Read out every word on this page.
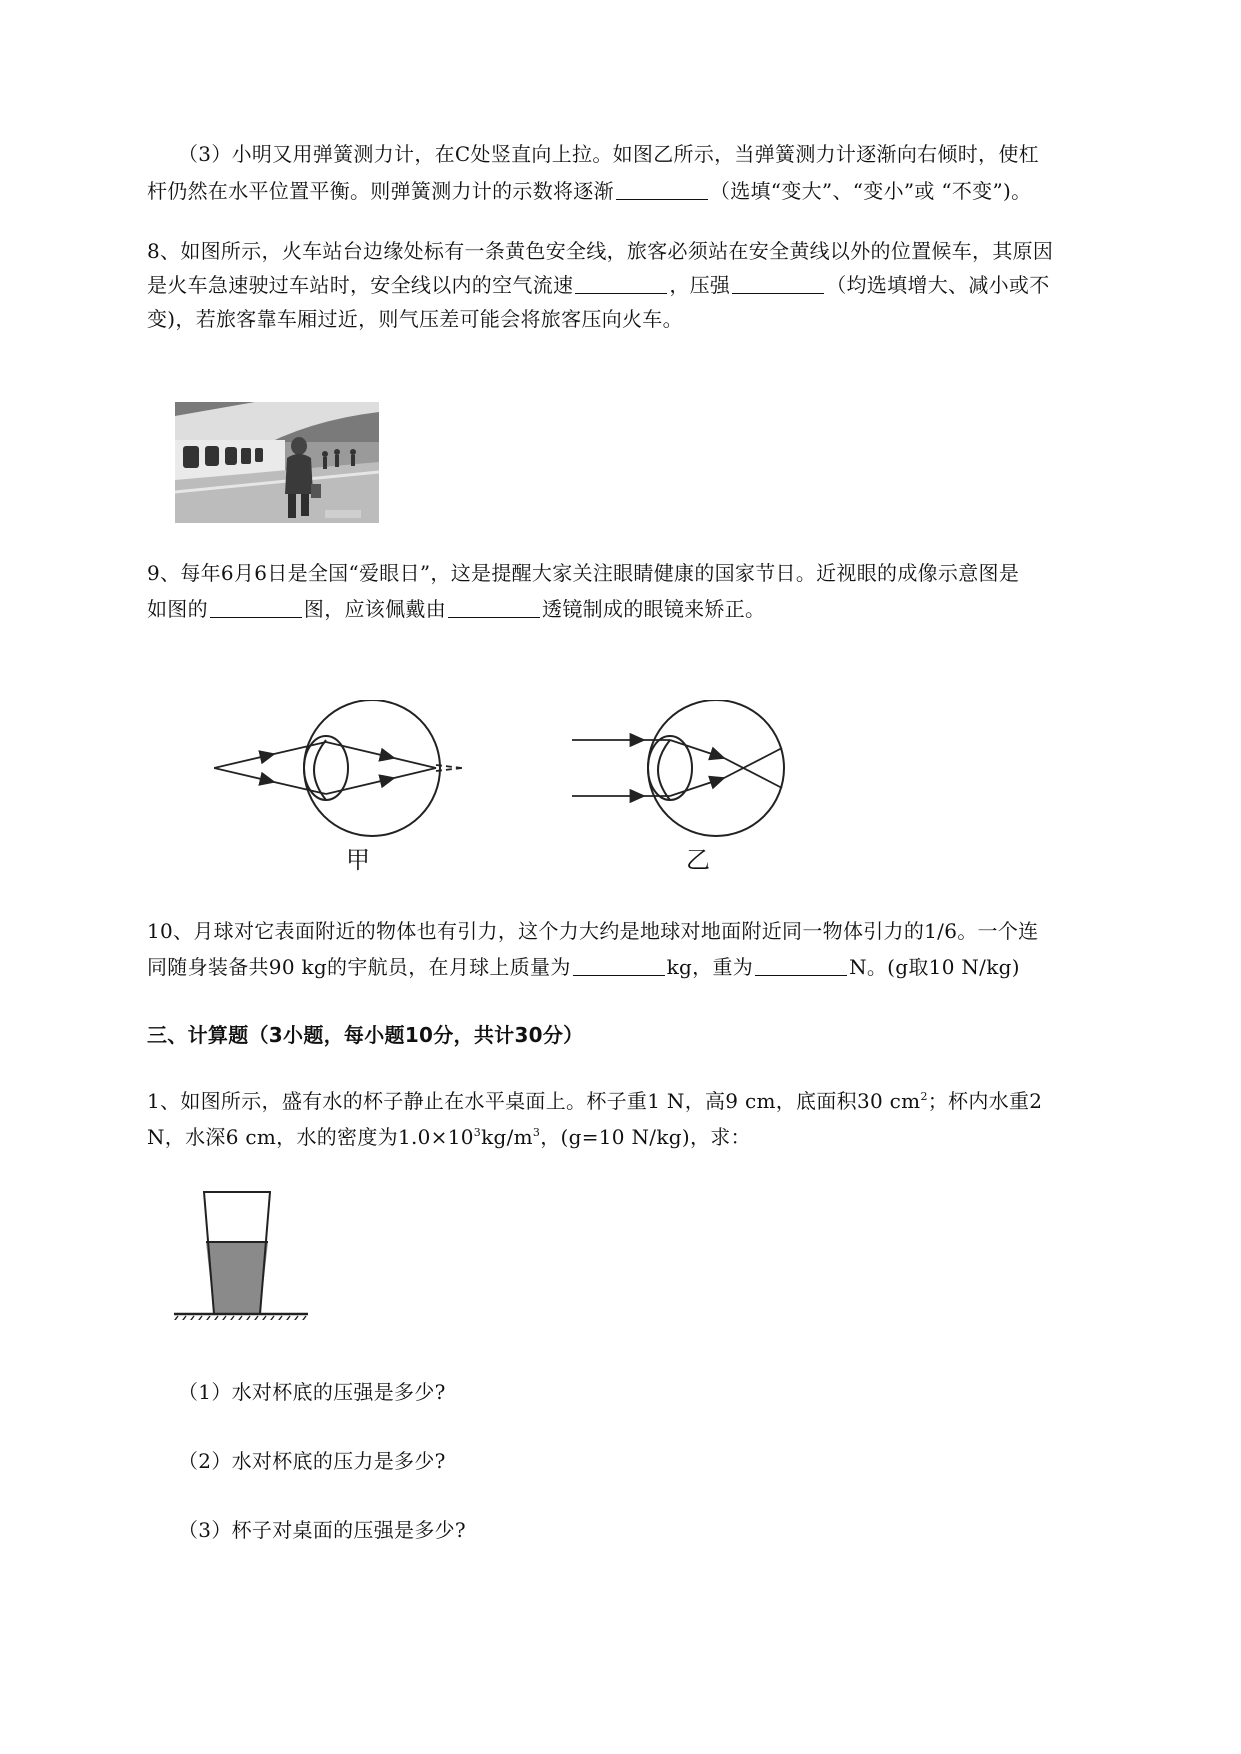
（3）小明又用弹簧测力计，在C处竖直向上拉。如图乙所示，当弹簧测力计逐渐向右倾时，使杠
杆仍然在水平位置平衡。则弹簧测力计的示数将逐渐	（选填“变大”、“变小”或 “不变”)。
8、如图所示，火车站台边缘处标有一条黄色安全线，旅客必须站在安全黄线以外的位置候车，其原因
是火车急速驶过车站时，安全线以内的空气流速	，压强	（均选填增大、减小或不
变)，若旅客靠车厢过近，则气压差可能会将旅客压向火车。
9、每年6月6日是全国“爱眼日”，这是提醒大家关注眼睛健康的国家节日。近视眼的成像示意图是
如图的	图，应该佩戴由	透镜制成的眼镜来矫正。
甲	乙
10、月球对它表面附近的物体也有引力，这个力大约是地球对地面附近同一物体引力的1/6。一个连
同随身装备共90 kg的宇航员，在月球上质量为	kg，重为	N。(g取10 N/kg)
三、计算题（3小题，每小题10分，共计30分）
1、如图所示，盛有水的杯子静止在水平桌面上。杯子重1 N，高9 cm，底面积30 $cm^2$；杯内水重2
N，水深6 cm，水的密度为$1.0\times 10^3kg/m^3$，(g=10 N/kg)，求：
（1）水对杯底的压强是多少?
（2）水对杯底的压力是多少?
（3）杯子对桌面的压强是多少?
